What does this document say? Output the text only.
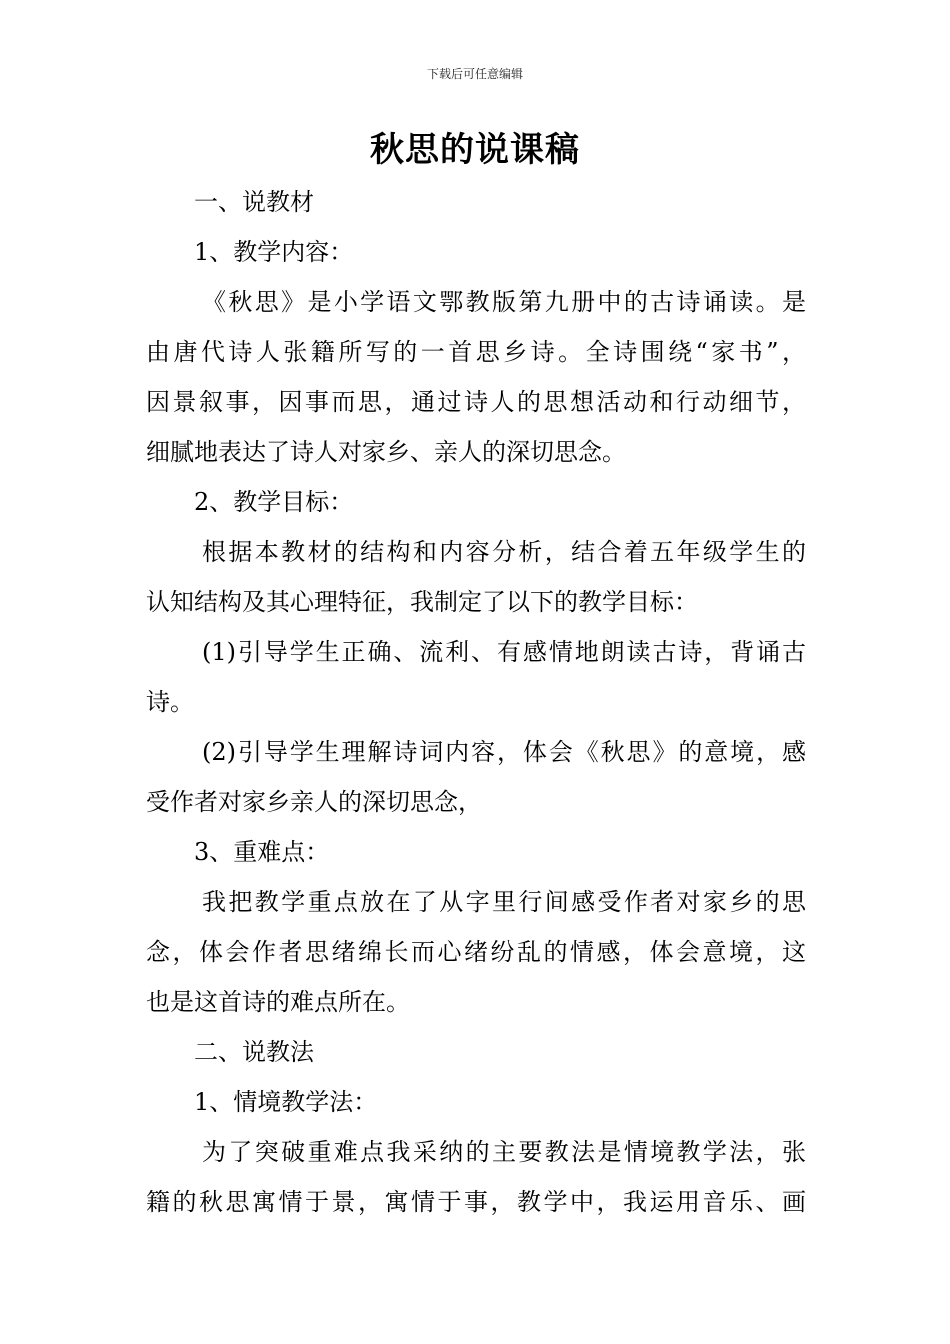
下载后可任意编辑
秋思的说课稿
一、说教材
1、教学内容：
《秋思》是小学语文鄂教版第九册中的古诗诵读。是
由唐代诗人张籍所写的一首思乡诗。全诗围绕“家书”，
因景叙事，因事而思，通过诗人的思想活动和行动细节，
细腻地表达了诗人对家乡、亲人的深切思念。
2、教学目标：
根据本教材的结构和内容分析，结合着五年级学生的
认知结构及其心理特征，我制定了以下的教学目标：
(1)引导学生正确、流利、有感情地朗读古诗，背诵古
诗。
(2)引导学生理解诗词内容，体会《秋思》的意境，感
受作者对家乡亲人的深切思念，
3、重难点：
我把教学重点放在了从字里行间感受作者对家乡的思
念，体会作者思绪绵长而心绪纷乱的情感，体会意境，这
也是这首诗的难点所在。
二、说教法
1、情境教学法：
为了突破重难点我采纳的主要教法是情境教学法，张
籍的秋思寓情于景，寓情于事，教学中，我运用音乐、画
